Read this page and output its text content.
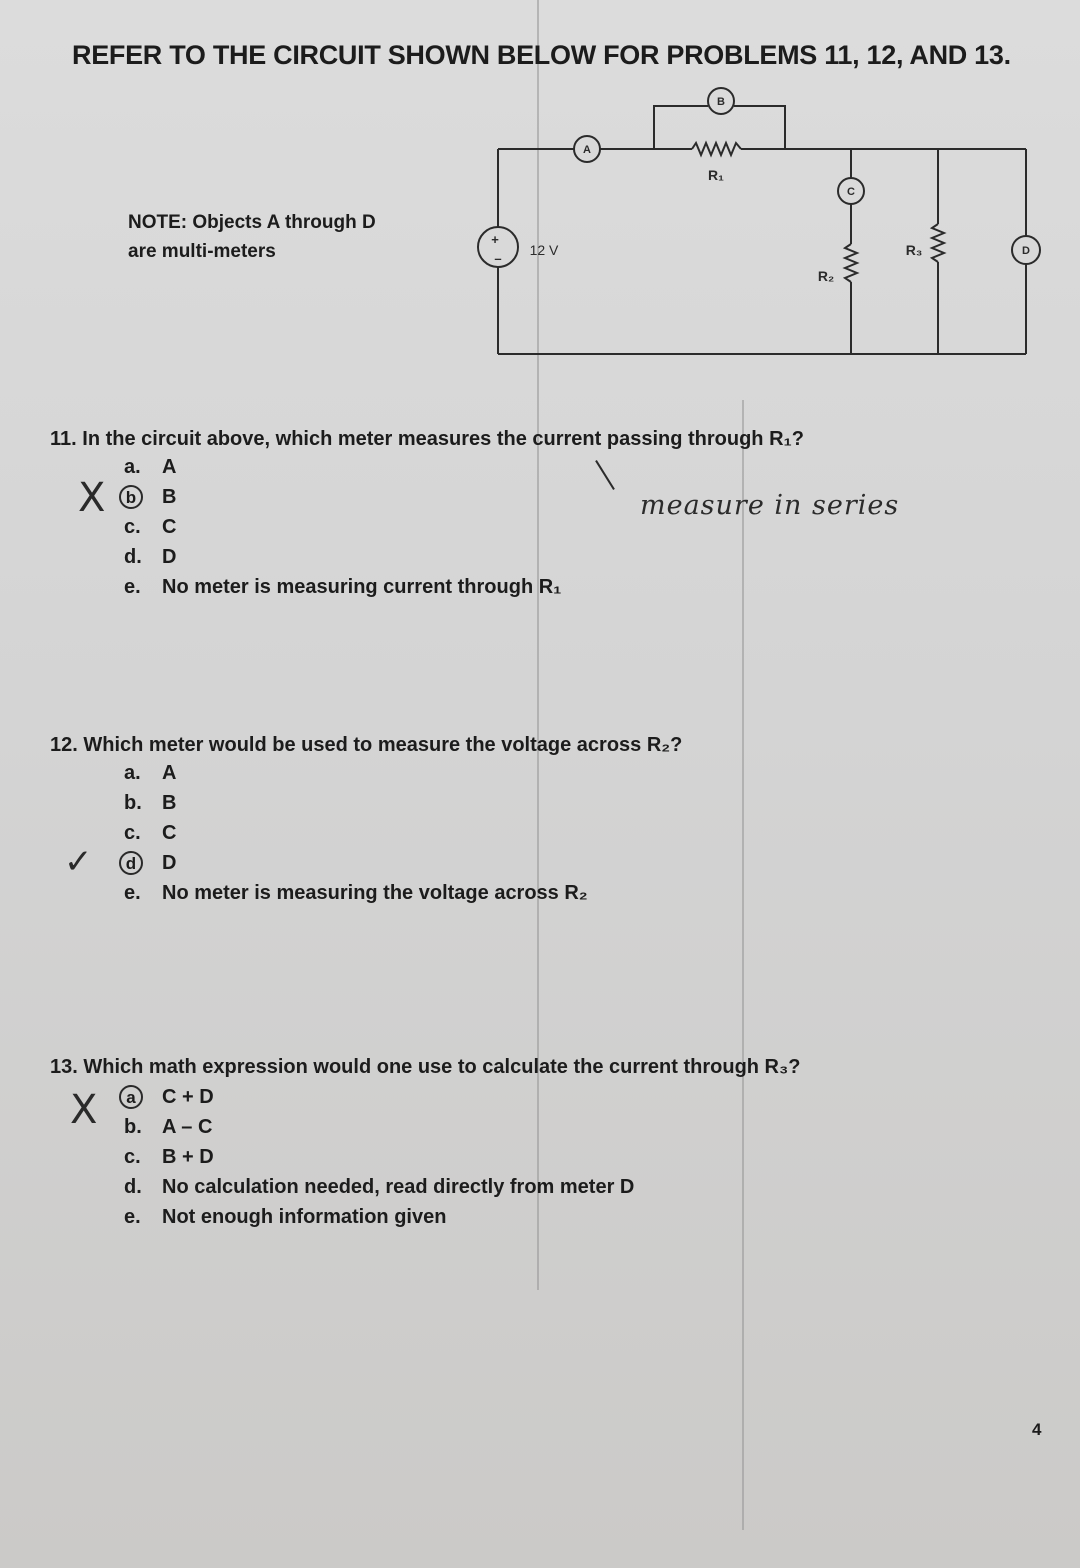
REFER TO THE CIRCUIT SHOWN BELOW FOR PROBLEMS 11, 12, AND 13.
NOTE: Objects A through D
are multi-meters
A
B
C
D
+
–
12 V
R₁
R₂
R₃

11. In the circuit above, which meter measures the current passing through R₁?

X	measure in series
a. A
b B
c. C
d. D
e. No meter is measuring current through R₁

12. Which meter would be used to measure the voltage across R₂?

✓
a. A
b. B
c. C
d D
e. No meter is measuring the voltage across R₂

13. Which math expression would one use to calculate the current through R₃?

X a C + D
b. A – C
c. B + D
d. No calculation needed, read directly from meter D
e. Not enough information given
4
